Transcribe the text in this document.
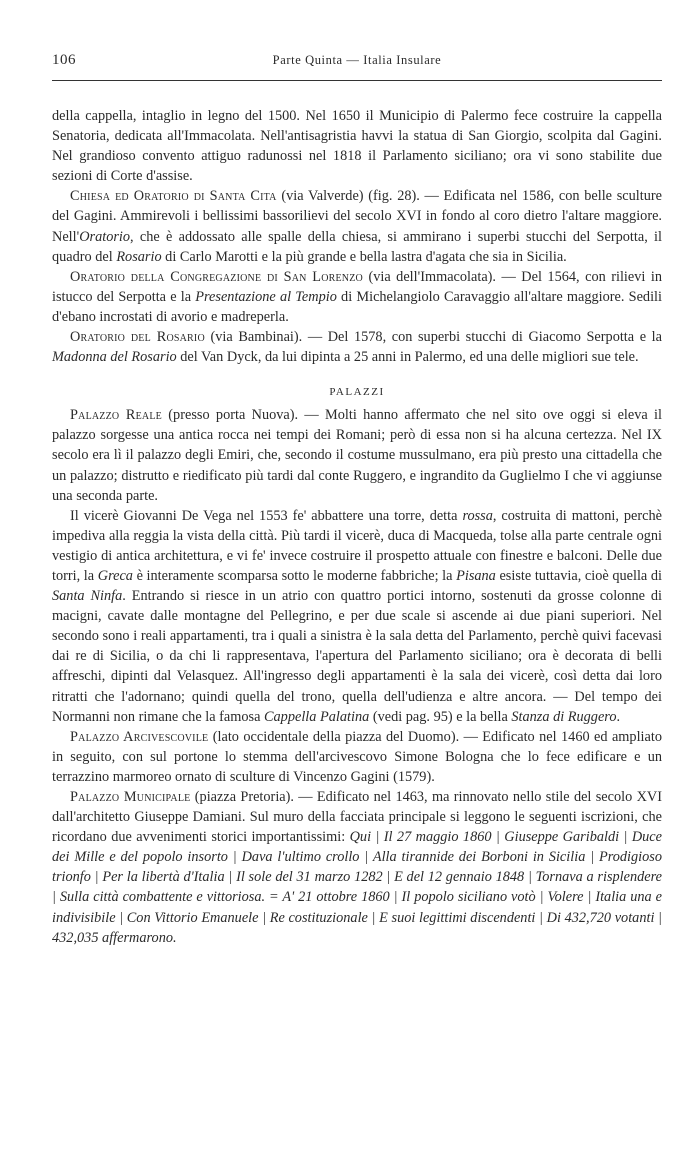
106	Parte Quinta — Italia Insulare

della cappella, intaglio in legno del 1500. Nel 1650 il Municipio di Palermo fece costruire la cappella Senatoria, dedicata all'Immacolata. Nell'antisagristia havvi la statua di San Giorgio, scolpita dal Gagini. Nel grandioso convento attiguo radunossi nel 1818 il Parlamento siciliano; ora vi sono stabilite due sezioni di Corte d'assise.

Chiesa ed Oratorio di Santa Cita (via Valverde) (fig. 28). — Edificata nel 1586, con belle sculture del Gagini. Ammirevoli i bellissimi bassorilievi del secolo XVI in fondo al coro dietro l'altare maggiore. Nell'Oratorio, che è addossato alle spalle della chiesa, si ammirano i superbi stucchi del Serpotta, il quadro del Rosario di Carlo Marotti e la più grande e bella lastra d'agata che sia in Sicilia.

Oratorio della Congregazione di San Lorenzo (via dell'Immacolata). — Del 1564, con rilievi in istucco del Serpotta e la Presentazione al Tempio di Michelangiolo Caravaggio all'altare maggiore. Sedili d'ebano incrostati di avorio e madreperla.

Oratorio del Rosario (via Bambinai). — Del 1578, con superbi stucchi di Giacomo Serpotta e la Madonna del Rosario del Van Dyck, da lui dipinta a 25 anni in Palermo, ed una delle migliori sue tele.

PALAZZI

Palazzo Reale (presso porta Nuova). — Molti hanno affermato che nel sito ove oggi si eleva il palazzo sorgesse una antica rocca nei tempi dei Romani; però di essa non si ha alcuna certezza. Nel IX secolo era lì il palazzo degli Emiri, che, secondo il costume mussulmano, era più presto una cittadella che un palazzo; distrutto e riedificato più tardi dal conte Ruggero, e ingrandito da Guglielmo I che vi aggiunse una seconda parte.

Il vicerè Giovanni De Vega nel 1553 fe' abbattere una torre, detta rossa, costruita di mattoni, perchè impediva alla reggia la vista della città. Più tardi il vicerè, duca di Macqueda, tolse alla parte centrale ogni vestigio di antica architettura, e vi fe' invece costruire il prospetto attuale con finestre e balconi. Delle due torri, la Greca è interamente scomparsa sotto le moderne fabbriche; la Pisana esiste tuttavia, cioè quella di Santa Ninfa. Entrando si riesce in un atrio con quattro portici intorno, sostenuti da grosse colonne di macigni, cavate dalle montagne del Pellegrino, e per due scale si ascende ai due piani superiori. Nel secondo sono i reali appartamenti, tra i quali a sinistra è la sala detta del Parlamento, perchè quivi facevasi dai re di Sicilia, o da chi li rappresentava, l'apertura del Parlamento siciliano; ora è decorata di belli affreschi, dipinti dal Velasquez. All'ingresso degli appartamenti è la sala dei vicerè, così detta dai loro ritratti che l'adornano; quindi quella del trono, quella dell'udienza e altre ancora. — Del tempo dei Normanni non rimane che la famosa Cappella Palatina (vedi pag. 95) e la bella Stanza di Ruggero.

Palazzo Arcivescovile (lato occidentale della piazza del Duomo). — Edificato nel 1460 ed ampliato in seguito, con sul portone lo stemma dell'arcivescovo Simone Bologna che lo fece edificare e un terrazzino marmoreo ornato di sculture di Vincenzo Gagini (1579).

Palazzo Municipale (piazza Pretoria). — Edificato nel 1463, ma rinnovato nello stile del secolo XVI dall'architetto Giuseppe Damiani. Sul muro della facciata principale si leggono le seguenti iscrizioni, che ricordano due avvenimenti storici importantissimi: Qui | Il 27 maggio 1860 | Giuseppe Garibaldi | Duce dei Mille e del popolo insorto | Dava l'ultimo crollo | Alla tirannide dei Borboni in Sicilia | Prodigioso trionfo | Per la libertà d'Italia | Il sole del 31 marzo 1282 | E del 12 gennaio 1848 | Tornava a risplendere | Sulla città combattente e vittoriosa. = A' 21 ottobre 1860 | Il popolo siciliano votò | Volere | Italia una e indivisibile | Con Vittorio Emanuele | Re costituzionale | E suoi legittimi discendenti | Di 432,720 votanti | 432,035 affermarono.
